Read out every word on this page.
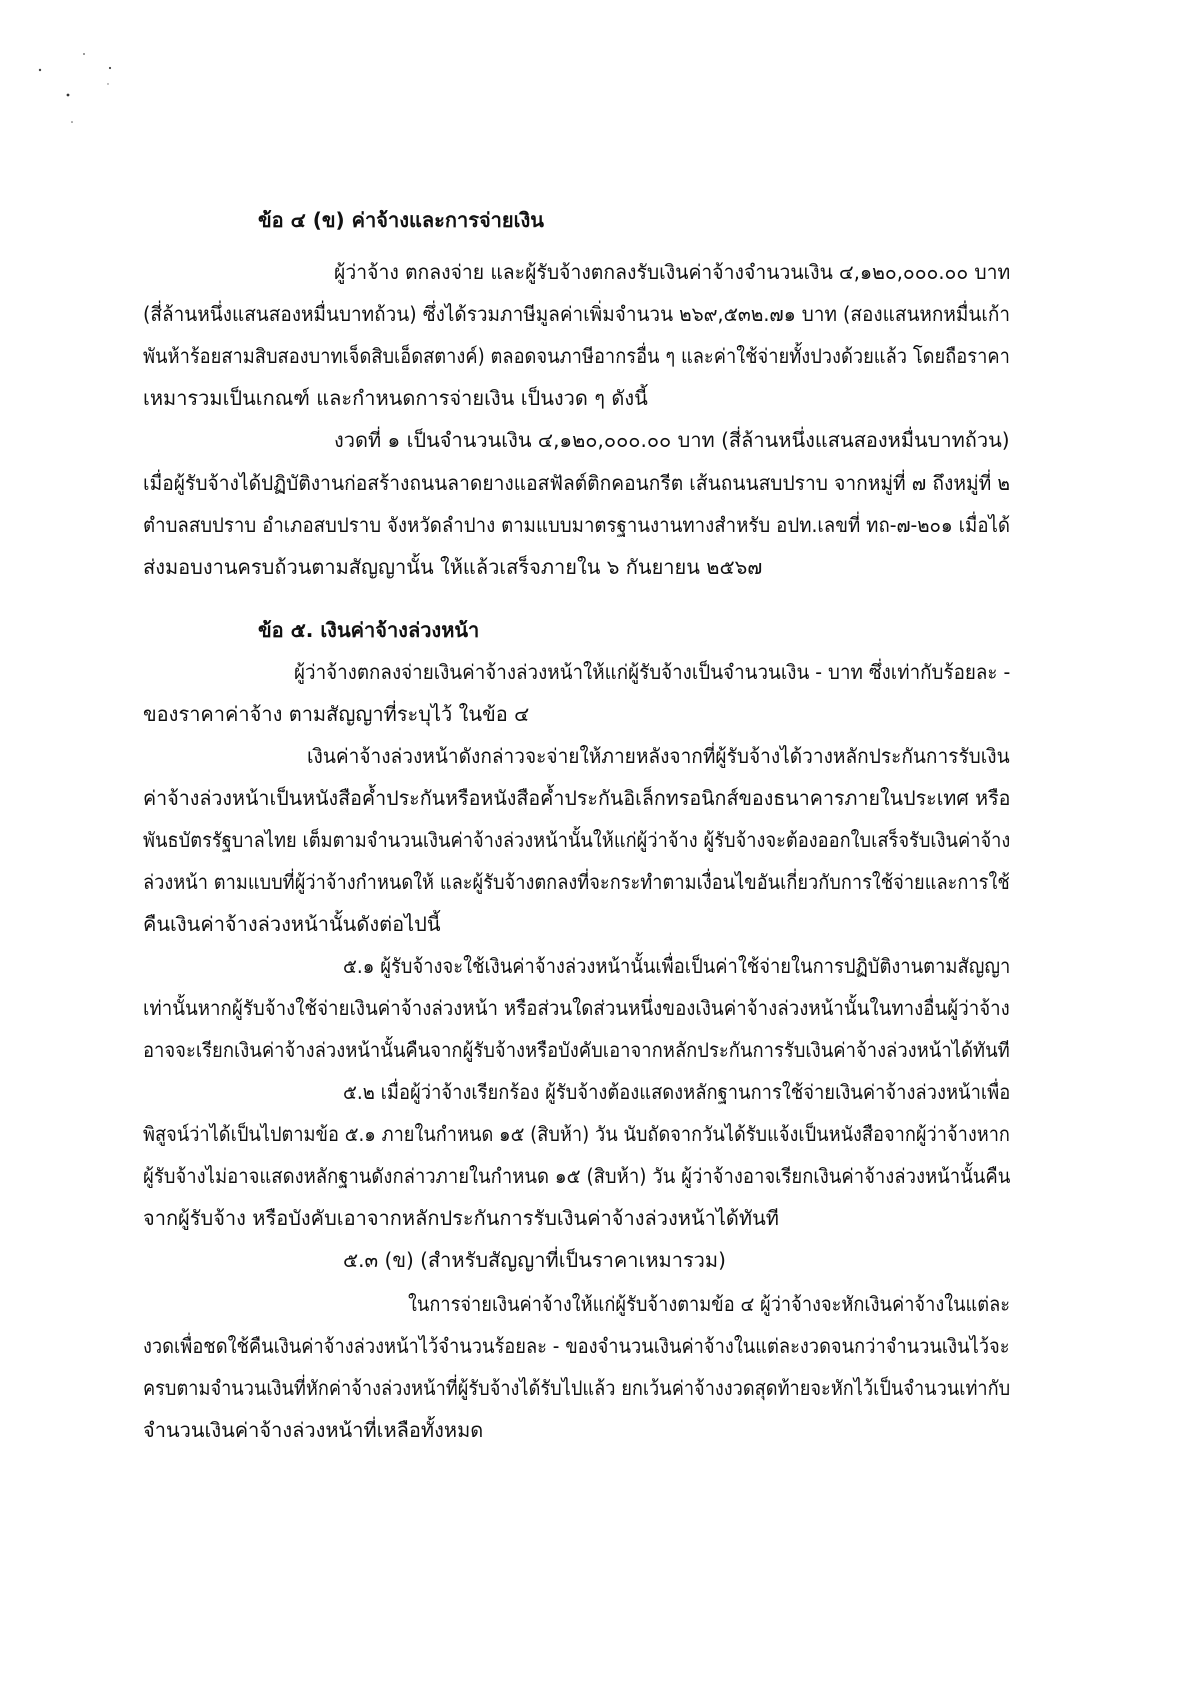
ข้อ ๔ (ข) ค่าจ้างและการจ่ายเงิน
ผู้ว่าจ้าง ตกลงจ่าย และผู้รับจ้างตกลงรับเงินค่าจ้างจำนวนเงิน ๔,๑๒๐,๐๐๐.๐๐ บาท
(สี่ล้านหนึ่งแสนสองหมื่นบาทถ้วน) ซึ่งได้รวมภาษีมูลค่าเพิ่มจำนวน ๒๖๙,๕๓๒.๗๑ บาท (สองแสนหกหมื่นเก้า
พันห้าร้อยสามสิบสองบาทเจ็ดสิบเอ็ดสตางค์) ตลอดจนภาษีอากรอื่น ๆ และค่าใช้จ่ายทั้งปวงด้วยแล้ว โดยถือราคา
เหมารวมเป็นเกณฑ์ และกำหนดการจ่ายเงิน เป็นงวด ๆ ดังนี้
งวดที่ ๑ เป็นจำนวนเงิน ๔,๑๒๐,๐๐๐.๐๐ บาท (สี่ล้านหนึ่งแสนสองหมื่นบาทถ้วน)
เมื่อผู้รับจ้างได้ปฏิบัติงานก่อสร้างถนนลาดยางแอสฟัลต์ติกคอนกรีต เส้นถนนสบปราบ จากหมู่ที่ ๗ ถึงหมู่ที่ ๒
ตำบลสบปราบ อำเภอสบปราบ จังหวัดลำปาง ตามแบบมาตรฐานงานทางสำหรับ อปท.เลขที่ ทถ-๗-๒๐๑ เมื่อได้
ส่งมอบงานครบถ้วนตามสัญญานั้น ให้แล้วเสร็จภายใน ๖ กันยายน ๒๕๖๗
ข้อ ๕. เงินค่าจ้างล่วงหน้า
ผู้ว่าจ้างตกลงจ่ายเงินค่าจ้างล่วงหน้าให้แก่ผู้รับจ้างเป็นจำนวนเงิน - บาท ซึ่งเท่ากับร้อยละ -
ของราคาค่าจ้าง ตามสัญญาที่ระบุไว้ ในข้อ ๔
เงินค่าจ้างล่วงหน้าดังกล่าวจะจ่ายให้ภายหลังจากที่ผู้รับจ้างได้วางหลักประกันการรับเงิน
ค่าจ้างล่วงหน้าเป็นหนังสือค้ำประกันหรือหนังสือค้ำประกันอิเล็กทรอนิกส์ของธนาคารภายในประเทศ หรือ
พันธบัตรรัฐบาลไทย เต็มตามจำนวนเงินค่าจ้างล่วงหน้านั้นให้แก่ผู้ว่าจ้าง ผู้รับจ้างจะต้องออกใบเสร็จรับเงินค่าจ้าง
ล่วงหน้า ตามแบบที่ผู้ว่าจ้างกำหนดให้ และผู้รับจ้างตกลงที่จะกระทำตามเงื่อนไขอันเกี่ยวกับการใช้จ่ายและการใช้
คืนเงินค่าจ้างล่วงหน้านั้นดังต่อไปนี้
๕.๑ ผู้รับจ้างจะใช้เงินค่าจ้างล่วงหน้านั้นเพื่อเป็นค่าใช้จ่ายในการปฏิบัติงานตามสัญญา
เท่านั้นหากผู้รับจ้างใช้จ่ายเงินค่าจ้างล่วงหน้า หรือส่วนใดส่วนหนึ่งของเงินค่าจ้างล่วงหน้านั้นในทางอื่นผู้ว่าจ้าง
อาจจะเรียกเงินค่าจ้างล่วงหน้านั้นคืนจากผู้รับจ้างหรือบังคับเอาจากหลักประกันการรับเงินค่าจ้างล่วงหน้าได้ทันที
๕.๒ เมื่อผู้ว่าจ้างเรียกร้อง ผู้รับจ้างต้องแสดงหลักฐานการใช้จ่ายเงินค่าจ้างล่วงหน้าเพื่อ
พิสูจน์ว่าได้เป็นไปตามข้อ ๕.๑ ภายในกำหนด ๑๕ (สิบห้า) วัน นับถัดจากวันได้รับแจ้งเป็นหนังสือจากผู้ว่าจ้างหาก
ผู้รับจ้างไม่อาจแสดงหลักฐานดังกล่าวภายในกำหนด ๑๕ (สิบห้า) วัน ผู้ว่าจ้างอาจเรียกเงินค่าจ้างล่วงหน้านั้นคืน
จากผู้รับจ้าง หรือบังคับเอาจากหลักประกันการรับเงินค่าจ้างล่วงหน้าได้ทันที
๕.๓ (ข) (สำหรับสัญญาที่เป็นราคาเหมารวม)
ในการจ่ายเงินค่าจ้างให้แก่ผู้รับจ้างตามข้อ ๔ ผู้ว่าจ้างจะหักเงินค่าจ้างในแต่ละ
งวดเพื่อชดใช้คืนเงินค่าจ้างล่วงหน้าไว้จำนวนร้อยละ - ของจำนวนเงินค่าจ้างในแต่ละงวดจนกว่าจำนวนเงินไว้จะ
ครบตามจำนวนเงินที่หักค่าจ้างล่วงหน้าที่ผู้รับจ้างได้รับไปแล้ว ยกเว้นค่าจ้างงวดสุดท้ายจะหักไว้เป็นจำนวนเท่ากับ
จำนวนเงินค่าจ้างล่วงหน้าที่เหลือทั้งหมด
